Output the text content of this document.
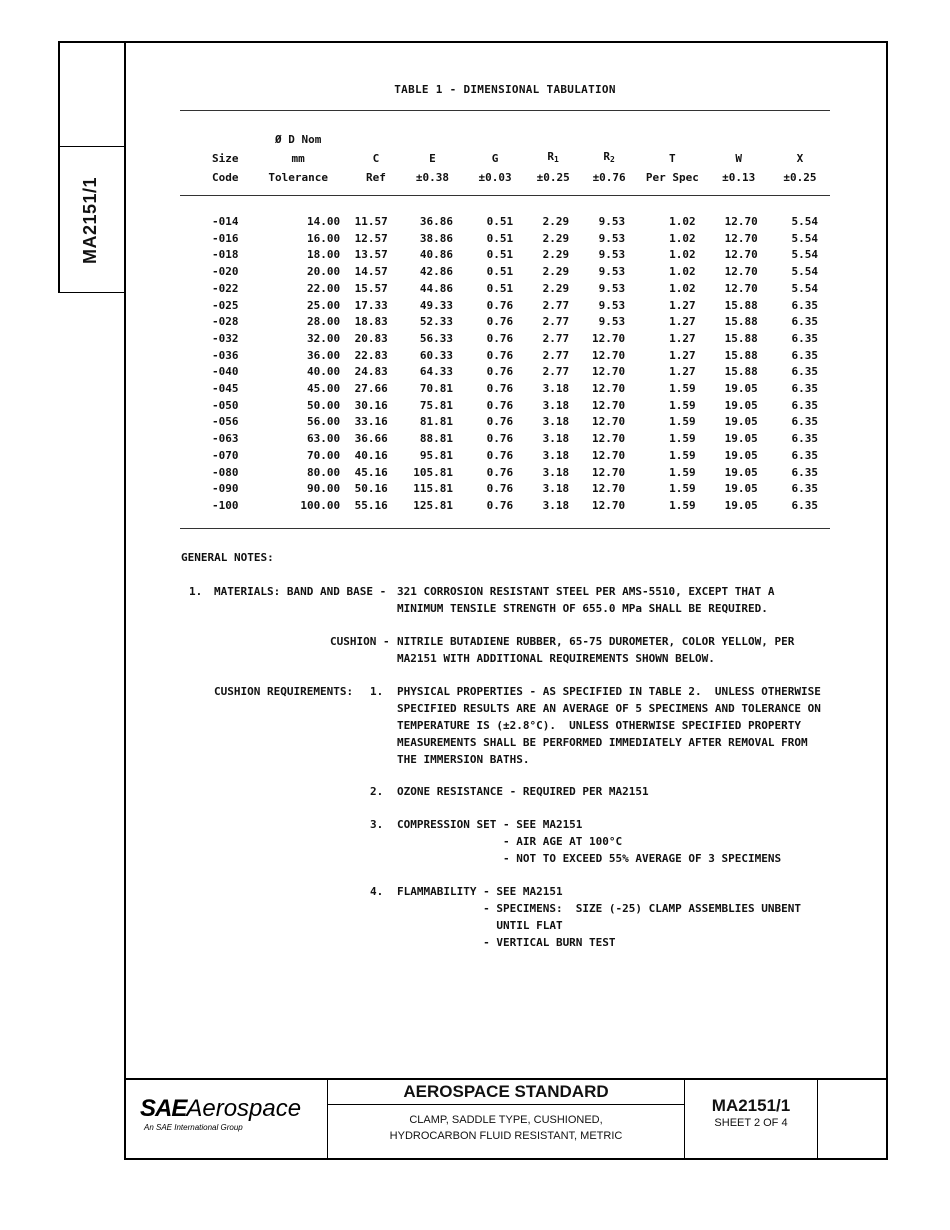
MA2151/1
TABLE 1 - DIMENSIONAL TABULATION
	Ø D Nom								
Size	mm	C	E	G	$R_1$	$R_2$	T	W	X
Code	Tolerance	Ref	±0.38	±0.03	±0.25	±0.76	Per Spec	±0.13	±0.25
-014	14.00	11.57	36.86	0.51	2.29	9.53	1.02	12.70	5.54
-016	16.00	12.57	38.86	0.51	2.29	9.53	1.02	12.70	5.54
-018	18.00	13.57	40.86	0.51	2.29	9.53	1.02	12.70	5.54
-020	20.00	14.57	42.86	0.51	2.29	9.53	1.02	12.70	5.54
-022	22.00	15.57	44.86	0.51	2.29	9.53	1.02	12.70	5.54
-025	25.00	17.33	49.33	0.76	2.77	9.53	1.27	15.88	6.35
-028	28.00	18.83	52.33	0.76	2.77	9.53	1.27	15.88	6.35
-032	32.00	20.83	56.33	0.76	2.77	12.70	1.27	15.88	6.35
-036	36.00	22.83	60.33	0.76	2.77	12.70	1.27	15.88	6.35
-040	40.00	24.83	64.33	0.76	2.77	12.70	1.27	15.88	6.35
-045	45.00	27.66	70.81	0.76	3.18	12.70	1.59	19.05	6.35
-050	50.00	30.16	75.81	0.76	3.18	12.70	1.59	19.05	6.35
-056	56.00	33.16	81.81	0.76	3.18	12.70	1.59	19.05	6.35
-063	63.00	36.66	88.81	0.76	3.18	12.70	1.59	19.05	6.35
-070	70.00	40.16	95.81	0.76	3.18	12.70	1.59	19.05	6.35
-080	80.00	45.16	105.81	0.76	3.18	12.70	1.59	19.05	6.35
-090	90.00	50.16	115.81	0.76	3.18	12.70	1.59	19.05	6.35
-100	100.00	55.16	125.81	0.76	3.18	12.70	1.59	19.05	6.35
GENERAL NOTES:
1. MATERIALS: BAND AND BASE - 321 CORROSION RESISTANT STEEL PER AMS-5510, EXCEPT THAT A
MINIMUM TENSILE STRENGTH OF 655.0 MPa SHALL BE REQUIRED.
CUSHION - NITRILE BUTADIENE RUBBER, 65-75 DUROMETER, COLOR YELLOW, PER
MA2151 WITH ADDITIONAL REQUIREMENTS SHOWN BELOW.
CUSHION REQUIREMENTS: 1. PHYSICAL PROPERTIES - AS SPECIFIED IN TABLE 2.  UNLESS OTHERWISE
SPECIFIED RESULTS ARE AN AVERAGE OF 5 SPECIMENS AND TOLERANCE ON
TEMPERATURE IS (±2.8°C).  UNLESS OTHERWISE SPECIFIED PROPERTY
MEASUREMENTS SHALL BE PERFORMED IMMEDIATELY AFTER REMOVAL FROM
THE IMMERSION BATHS.
2. OZONE RESISTANCE - REQUIRED PER MA2151
3. COMPRESSION SET - SEE MA2151
- AIR AGE AT 100°C
- NOT TO EXCEED 55% AVERAGE OF 3 SPECIMENS
4. FLAMMABILITY - SEE MA2151
- SPECIMENS:  SIZE (-25) CLAMP ASSEMBLIES UNBENT
UNTIL FLAT
- VERTICAL BURN TEST
SAEAerospace
An SAE International Group
AEROSPACE STANDARD
CLAMP, SADDLE TYPE, CUSHIONED,
HYDROCARBON FLUID RESISTANT, METRIC
MA2151/1
SHEET 2 OF 4
